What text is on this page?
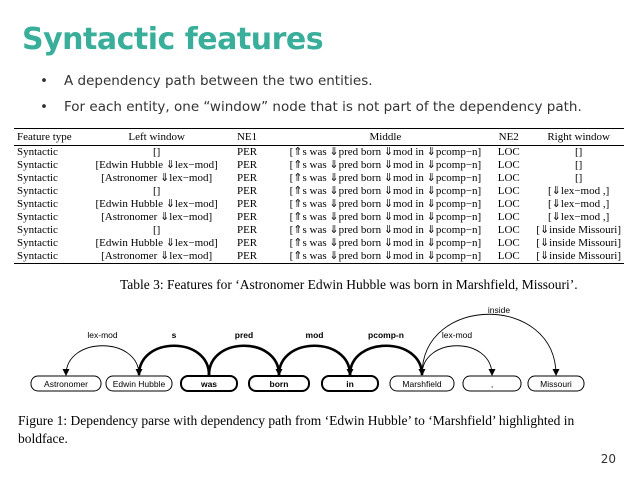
Syntactic features
• A dependency path between the two entities.
• For each entity, one “window” node that is not part of the dependency path.
Feature type	Left window	NE1	Middle	NE2	Right window
Syntactic	[]	PER	[⇑s was ⇓pred born ⇓mod in ⇓pcomp−n]	LOC	[]
Syntactic	[Edwin Hubble ⇓lex−mod]	PER	[⇑s was ⇓pred born ⇓mod in ⇓pcomp−n]	LOC	[]
Syntactic	[Astronomer ⇓lex−mod]	PER	[⇑s was ⇓pred born ⇓mod in ⇓pcomp−n]	LOC	[]
Syntactic	[]	PER	[⇑s was ⇓pred born ⇓mod in ⇓pcomp−n]	LOC	[⇓lex−mod ,]
Syntactic	[Edwin Hubble ⇓lex−mod]	PER	[⇑s was ⇓pred born ⇓mod in ⇓pcomp−n]	LOC	[⇓lex−mod ,]
Syntactic	[Astronomer ⇓lex−mod]	PER	[⇑s was ⇓pred born ⇓mod in ⇓pcomp−n]	LOC	[⇓lex−mod ,]
Syntactic	[]	PER	[⇑s was ⇓pred born ⇓mod in ⇓pcomp−n]	LOC	[⇓inside Missouri]
Syntactic	[Edwin Hubble ⇓lex−mod]	PER	[⇑s was ⇓pred born ⇓mod in ⇓pcomp−n]	LOC	[⇓inside Missouri]
Syntactic	[Astronomer ⇓lex−mod]	PER	[⇑s was ⇓pred born ⇓mod in ⇓pcomp−n]	LOC	[⇓inside Missouri]
Table 3: Features for ‘Astronomer Edwin Hubble was born in Marshfield, Missouri’.
lex-mod	s	pred	mod	pcomp-n	lex-mod
inside
Astronomer	Edwin Hubble	was	born	in	Marshfield	,	Missouri
Figure 1: Dependency parse with dependency path from ‘Edwin Hubble’ to ‘Marshfield’ highlighted in boldface.
20
